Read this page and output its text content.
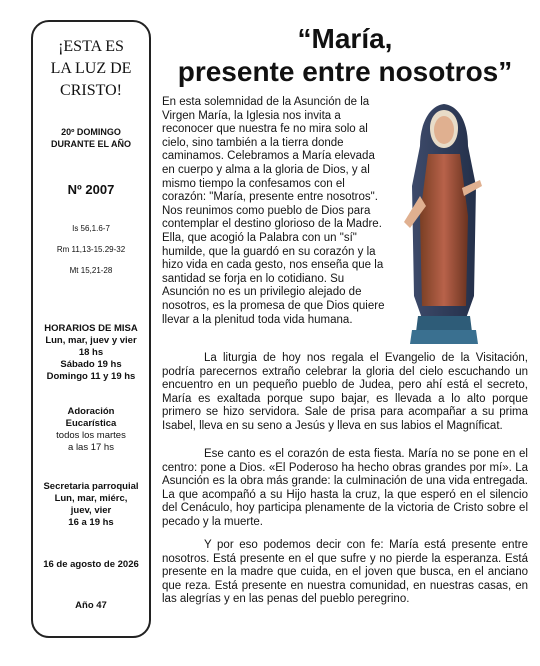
¡ESTA ES
LA LUZ DE
CRISTO!
20º DOMINGO
DURANTE EL AÑO
Nº 2007
Is 56,1.6-7
Rm 11,13-15.29-32
Mt 15,21-28
HORARIOS DE MISA
Lun, mar, juev y vier
18 hs
Sábado 19 hs
Domingo 11 y 19 hs
Adoración
Eucarística
todos los martes
a las 17 hs
Secretaria parroquial
Lun, mar, miérc,
juev, vier
16 a 19 hs
16 de agosto de 2026
Año 47
“María,
presente entre nosotros”
En esta solemnidad de la Asunción de la Virgen María, la Iglesia nos invita a reconocer que nuestra fe no mira solo al cielo, sino también a la tierra donde caminamos. Celebramos a María elevada en cuerpo y alma a la gloria de Dios, y al mismo tiempo la confesamos con el corazón: "María, presente entre nosotros". Nos reunimos como pueblo de Dios para contemplar el destino glorioso de la Madre. Ella, que acogió la Palabra con un "sí" humilde, que la guardó en su corazón y la hizo vida en cada gesto, nos enseña que la santidad se forja en lo cotidiano. Su Asunción no es un privilegio alejado de nosotros, es la promesa de que Dios quiere llevar a la plenitud toda vida humana.
La liturgia de hoy nos regala el Evangelio de la Visitación, podría parecernos extraño celebrar la gloria del cielo escuchando un encuentro en un pequeño pueblo de Judea, pero ahí está el secreto, María es exaltada porque supo bajar, es llevada a lo alto porque primero se hizo servidora. Sale de prisa para acompañar a su prima Isabel, lleva en su seno a Jesús y lleva en sus labios el Magníficat.
Ese canto es el corazón de esta fiesta. María no se pone en el centro: pone a Dios. «El Poderoso ha hecho obras grandes por mí». La Asunción es la obra más grande: la culminación de una vida entregada. La que acompañó a su Hijo hasta la cruz, la que esperó en el silencio del Cenáculo, hoy participa plenamente de la victoria de Cristo sobre el pecado y la muerte.
Y por eso podemos decir con fe: María está presente entre nosotros. Está presente en el que sufre y no pierde la esperanza. Está presente en la madre que cuida, en el joven que busca, en el anciano que reza. Está presente en nuestra comunidad, en nuestras casas, en las alegrías y en las penas del pueblo peregrino.
